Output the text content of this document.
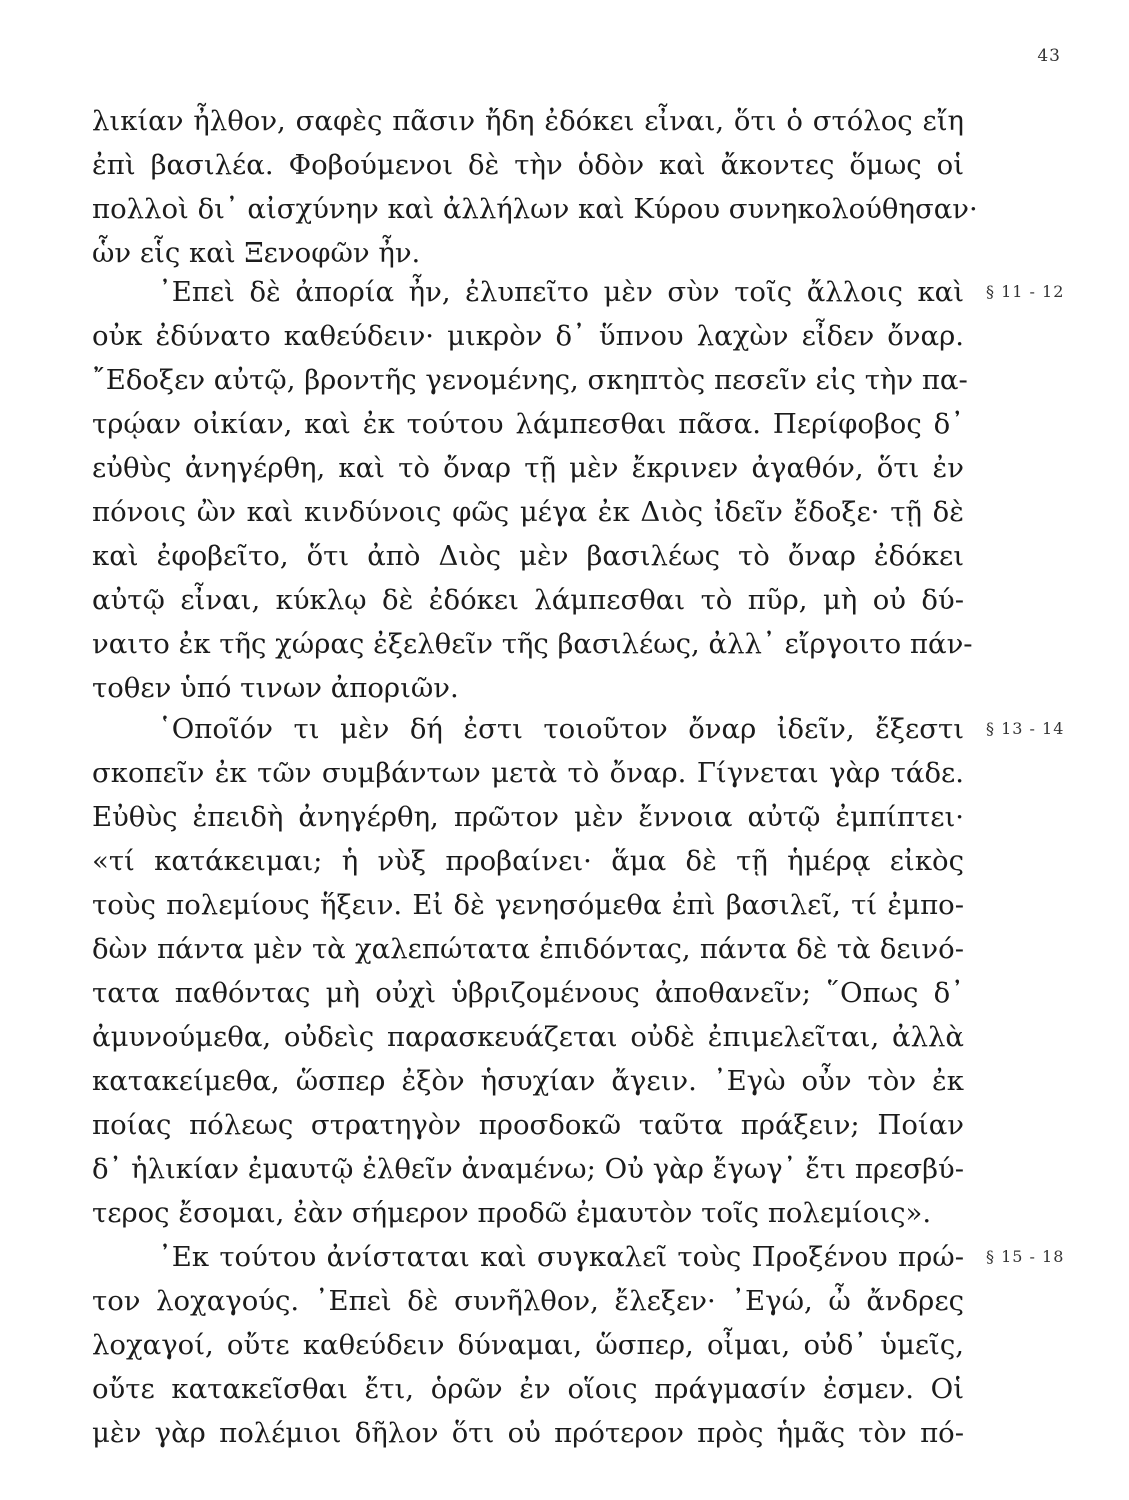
43
λικίαν ἦλθον, σαφὲς πᾶσιν ἤδη ἐδόκει εἶναι, ὅτι ὁ στόλος εἴη
ἐπὶ βασιλέα. Φοβούμενοι δὲ τὴν ὁδὸν καὶ ἄκοντες ὅμως οἱ
πολλοὶ δι᾽ αἰσχύνην καὶ ἀλλήλων καὶ Κύρου συνηκολούθησαν·
ὧν εἷς καὶ Ξενοφῶν ἦν.
᾽Επεὶ δὲ ἀπορία ἦν, ἐλυπεῖτο μὲν σὺν τοῖς ἄλλοις καὶ
οὐκ ἐδύνατο καθεύδειν· μικρὸν δ᾽ ὕπνου λαχὼν εἶδεν ὄναρ.
῎Εδοξεν αὐτῷ, βροντῆς γενομένης, σκηπτὸς πεσεῖν εἰς τὴν πα-
τρῴαν οἰκίαν, καὶ ἐκ τούτου λάμπεσθαι πᾶσα. Περίφοβος δ᾽
εὐθὺς ἀνηγέρθη, καὶ τὸ ὄναρ τῇ μὲν ἔκρινεν ἀγαθόν, ὅτι ἐν
πόνοις ὢν καὶ κινδύνοις φῶς μέγα ἐκ Διὸς ἰδεῖν ἔδοξε· τῇ δὲ
καὶ ἐφοβεῖτο, ὅτι ἀπὸ Διὸς μὲν βασιλέως τὸ ὄναρ ἐδόκει
αὐτῷ εἶναι, κύκλῳ δὲ ἐδόκει λάμπεσθαι τὸ πῦρ, μὴ οὐ δύ-
ναιτο ἐκ τῆς χώρας ἐξελθεῖν τῆς βασιλέως, ἀλλ᾽ εἴργοιτο πάν-
τοθεν ὑπό τινων ἀποριῶν.
῾Οποῖόν τι μὲν δή ἐστι τοιοῦτον ὄναρ ἰδεῖν, ἔξεστι
σκοπεῖν ἐκ τῶν συμβάντων μετὰ τὸ ὄναρ. Γίγνεται γὰρ τάδε.
Εὐθὺς ἐπειδὴ ἀνηγέρθη, πρῶτον μὲν ἔννοια αὐτῷ ἐμπίπτει·
«τί κατάκειμαι; ἡ νὺξ προβαίνει· ἅμα δὲ τῇ ἡμέρᾳ εἰκὸς
τοὺς πολεμίους ἥξειν. Εἰ δὲ γενησόμεθα ἐπὶ βασιλεῖ, τί ἐμπο-
δὼν πάντα μὲν τὰ χαλεπώτατα ἐπιδόντας, πάντα δὲ τὰ δεινό-
τατα παθόντας μὴ οὐχὶ ὑβριζομένους ἀποθανεῖν; ῞Οπως δ᾽
ἀμυνούμεθα, οὐδεὶς παρασκευάζεται οὐδὲ ἐπιμελεῖται, ἀλλὰ
κατακείμεθα, ὥσπερ ἐξὸν ἡσυχίαν ἄγειν. ᾽Εγὼ οὖν τὸν ἐκ
ποίας πόλεως στρατηγὸν προσδοκῶ ταῦτα πράξειν; Ποίαν
δ᾽ ἡλικίαν ἐμαυτῷ ἐλθεῖν ἀναμένω; Οὐ γὰρ ἔγωγ᾽ ἔτι πρεσβύ-
τερος ἔσομαι, ἐὰν σήμερον προδῶ ἐμαυτὸν τοῖς πολεμίοις».
᾽Εκ τούτου ἀνίσταται καὶ συγκαλεῖ τοὺς Προξένου πρώ-
τον λοχαγούς. ᾽Επεὶ δὲ συνῆλθον, ἔλεξεν· ᾽Εγώ, ὦ ἄνδρες
λοχαγοί, οὔτε καθεύδειν δύναμαι, ὥσπερ, οἶμαι, οὐδ᾽ ὑμεῖς,
οὔτε κατακεῖσθαι ἔτι, ὁρῶν ἐν οἵοις πράγμασίν ἐσμεν. Οἱ
μὲν γὰρ πολέμιοι δῆλον ὅτι οὐ πρότερον πρὸς ἡμᾶς τὸν πό-
§ 11 - 12
§ 13 - 14
§ 15 - 18
